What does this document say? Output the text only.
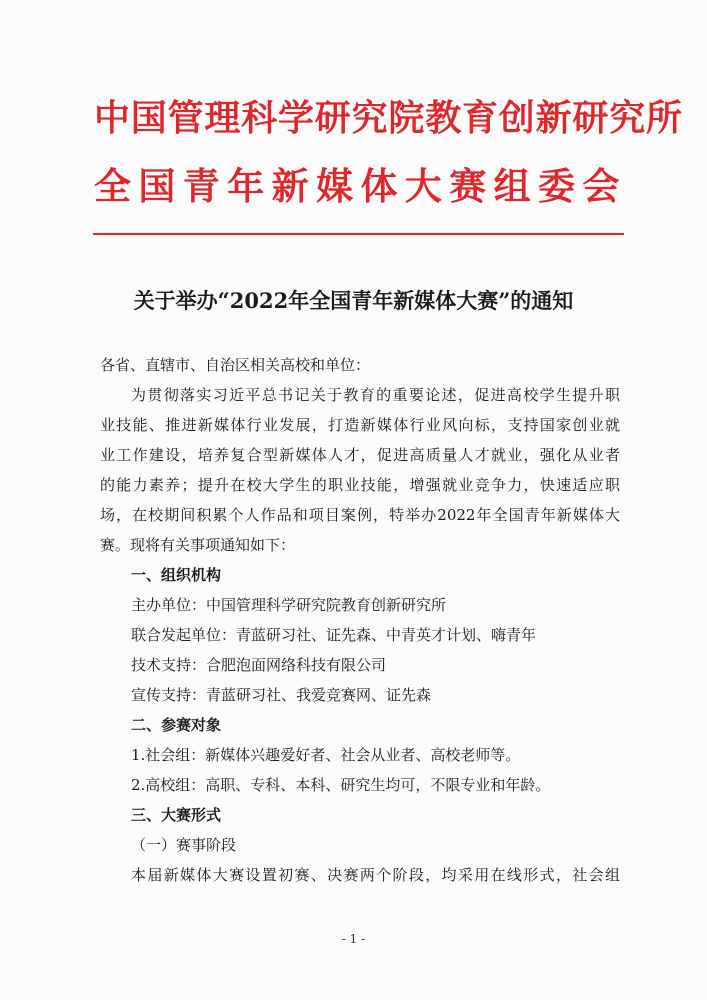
中国管理科学研究院教育创新研究所
全国青年新媒体大赛组委会
关于举办“2022年全国青年新媒体大赛”的通知
各省、直辖市、自治区相关高校和单位：
为贯彻落实习近平总书记关于教育的重要论述，促进高校学生提升职
业技能、推进新媒体行业发展，打造新媒体行业风向标，支持国家创业就
业工作建设，培养复合型新媒体人才，促进高质量人才就业，强化从业者
的能力素养；提升在校大学生的职业技能，增强就业竞争力，快速适应职
场，在校期间积累个人作品和项目案例，特举办2022年全国青年新媒体大
赛。现将有关事项通知如下：
一、组织机构
主办单位：中国管理科学研究院教育创新研究所
联合发起单位：青蓝研习社、证先森、中青英才计划、嗨青年
技术支持：合肥泡面网络科技有限公司
宣传支持：青蓝研习社、我爱竞赛网、证先森
二、参赛对象
1.社会组：新媒体兴趣爱好者、社会从业者、高校老师等。
2.高校组：高职、专科、本科、研究生均可，不限专业和年龄。
三、大赛形式
（一）赛事阶段
本届新媒体大赛设置初赛、决赛两个阶段，均采用在线形式，社会组
- 1 -
